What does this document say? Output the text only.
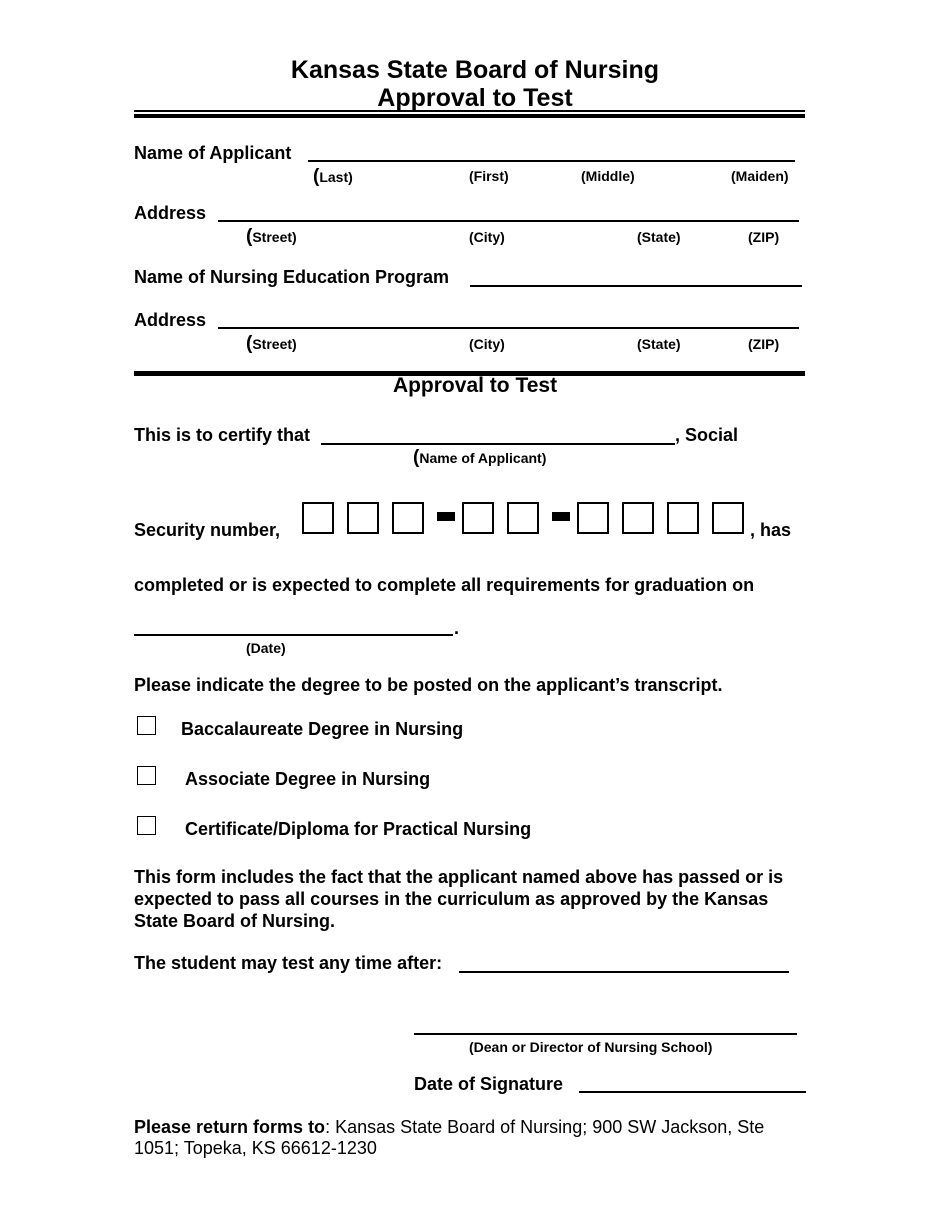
Kansas State Board of Nursing
Approval to Test
Name of Applicant
(Last)	(First)	(Middle)	(Maiden)
Address
(Street)	(City)	(State)	(ZIP)
Name of Nursing Education Program
Address
(Street)	(City)	(State)	(ZIP)
Approval to Test
This is to certify that	, Social
(Name of Applicant)
Security number,	, has
completed or is expected to complete all requirements for graduation on
.
(Date)
Please indicate the degree to be posted on the applicant’s transcript.
Baccalaureate Degree in Nursing
Associate Degree in Nursing
Certificate/Diploma for Practical Nursing
This form includes the fact that the applicant named above has passed or is expected to pass all courses in the curriculum as approved by the Kansas State Board of Nursing.
The student may test any time after:
(Dean or Director of Nursing School)
Date of Signature
Please return forms to: Kansas State Board of Nursing; 900 SW Jackson, Ste 1051; Topeka, KS 66612-1230
